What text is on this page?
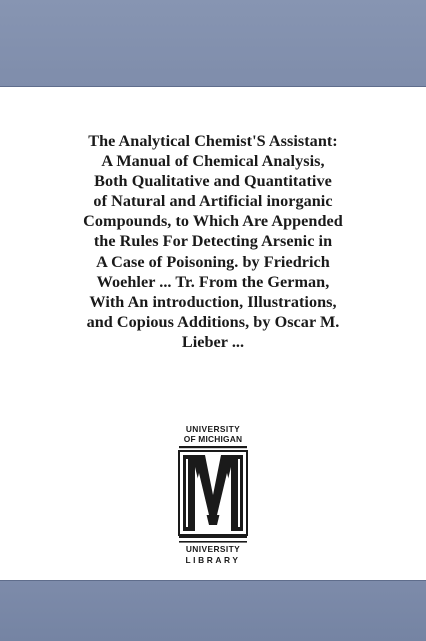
The Analytical Chemist'S Assistant:
A Manual of Chemical Analysis,
Both Qualitative and Quantitative
of Natural and Artificial inorganic
Compounds, to Which Are Appended
the Rules For Detecting Arsenic in
A Case of Poisoning. by Friedrich
Woehler ... Tr. From the German,
With An introduction, Illustrations,
and Copious Additions, by Oscar M.
Lieber ...

UNIVERSITY
OF MICHIGAN
UNIVERSITY
LIBRARY
